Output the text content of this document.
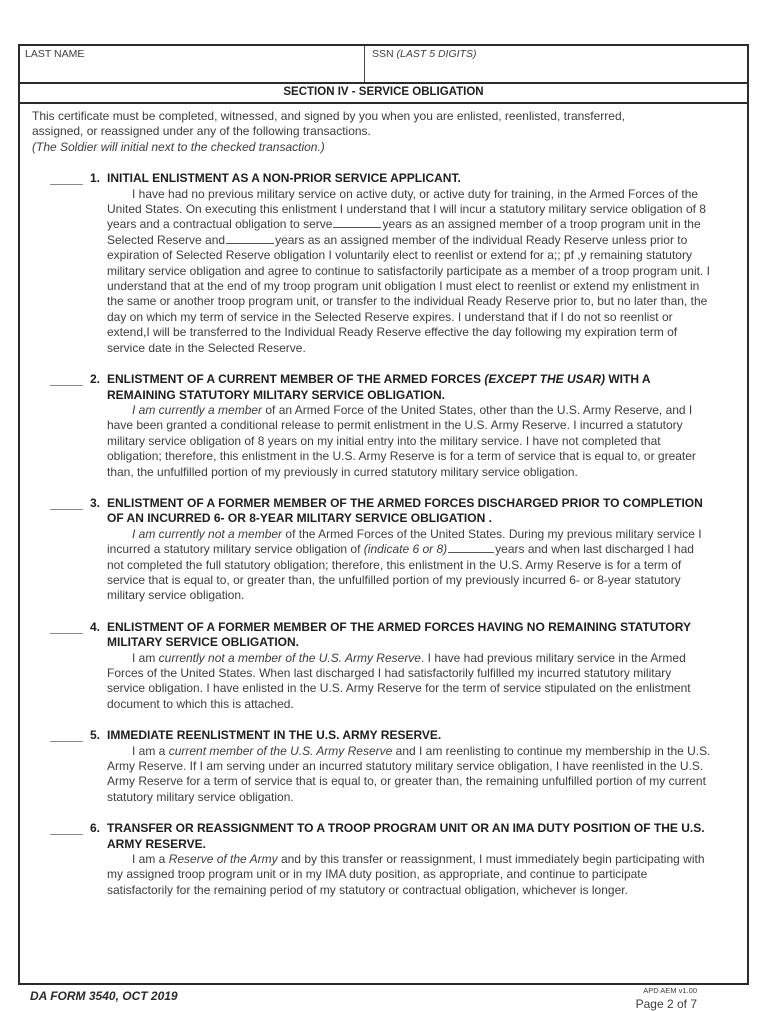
LAST NAME	SSN (LAST 5 DIGITS)
SECTION IV - SERVICE OBLIGATION
This certificate must be completed, witnessed, and signed by you when you are enlisted, reenlisted, transferred, assigned, or reassigned under any of the following transactions.
(The Soldier will initial next to the checked transaction.)
1. INITIAL ENLISTMENT AS A NON-PRIOR SERVICE APPLICANT.
I have had no previous military service on active duty, or active duty for training, in the Armed Forces of the United States. On executing this enlistment I understand that I will incur a statutory military service obligation of 8 years and a contractual obligation to serve	years as an assigned member of a troop program unit in the Selected Reserve and	years as an assigned member of the individual Ready Reserve unless prior to expiration of Selected Reserve obligation I voluntarily elect to reenlist or extend for a;; pf ,y remaining statutory military service obligation and agree to continue to satisfactorily participate as a member of a troop program unit. I understand that at the end of my troop program unit obligation I must elect to reenlist or extend my enlistment in the same or another troop program unit, or transfer to the individual Ready Reserve prior to, but no later than, the day on which my term of service in the Selected Reserve expires. I understand that if I do not so reenlist or extend,I will be transferred to the Individual Ready Reserve effective the day following my expiration term of service date in the Selected Reserve.
2. ENLISTMENT OF A CURRENT MEMBER OF THE ARMED FORCES (EXCEPT THE USAR) WITH A REMAINING STATUTORY MILITARY SERVICE OBLIGATION.
I am currently a member of an Armed Force of the United States, other than the U.S. Army Reserve, and I have been granted a conditional release to permit enlistment in the U.S. Army Reserve. I incurred a statutory military service obligation of 8 years on my initial entry into the military service. I have not completed that obligation; therefore, this enlistment in the U.S. Army Reserve is for a term of service that is equal to, or greater than, the unfulfilled portion of my previously in curred statutory military service obligation.
3. ENLISTMENT OF A FORMER MEMBER OF THE ARMED FORCES DISCHARGED PRIOR TO COMPLETION OF AN INCURRED 6- OR 8-YEAR MILITARY SERVICE OBLIGATION .
I am currently not a member of the Armed Forces of the United States. During my previous military service I incurred a statutory military service obligation of (indicate 6 or 8)	years and when last discharged I had not completed the full statutory obligation; therefore, this enlistment in the U.S. Army Reserve is for a term of service that is equal to, or greater than, the unfulfilled portion of my previously incurred 6- or 8-year statutory military service obligation.
4. ENLISTMENT OF A FORMER MEMBER OF THE ARMED FORCES HAVING NO REMAINING STATUTORY MILITARY SERVICE OBLIGATION.
I am currently not a member of the U.S. Army Reserve. I have had previous military service in the Armed Forces of the United States. When last discharged I had satisfactorily fulfilled my incurred statutory military service obligation. I have enlisted in the U.S. Army Reserve for the term of service stipulated on the enlistment document to which this is attached.
5. IMMEDIATE REENLISTMENT IN THE U.S. ARMY RESERVE.
I am a current member of the U.S. Army Reserve and I am reenlisting to continue my membership in the U.S. Army Reserve. If I am serving under an incurred statutory military service obligation, I have reenlisted in the U.S. Army Reserve for a term of service that is equal to, or greater than, the remaining unfulfilled portion of my current statutory military service obligation.
6. TRANSFER OR REASSIGNMENT TO A TROOP PROGRAM UNIT OR AN IMA DUTY POSITION OF THE U.S. ARMY RESERVE.
I am a Reserve of the Army and by this transfer or reassignment, I must immediately begin participating with my assigned troop program unit or in my IMA duty position, as appropriate, and continue to participate satisfactorily for the remaining period of my statutory or contractual obligation, whichever is longer.
DA FORM 3540, OCT 2019	APD AEM v1.00
Page 2 of 7
